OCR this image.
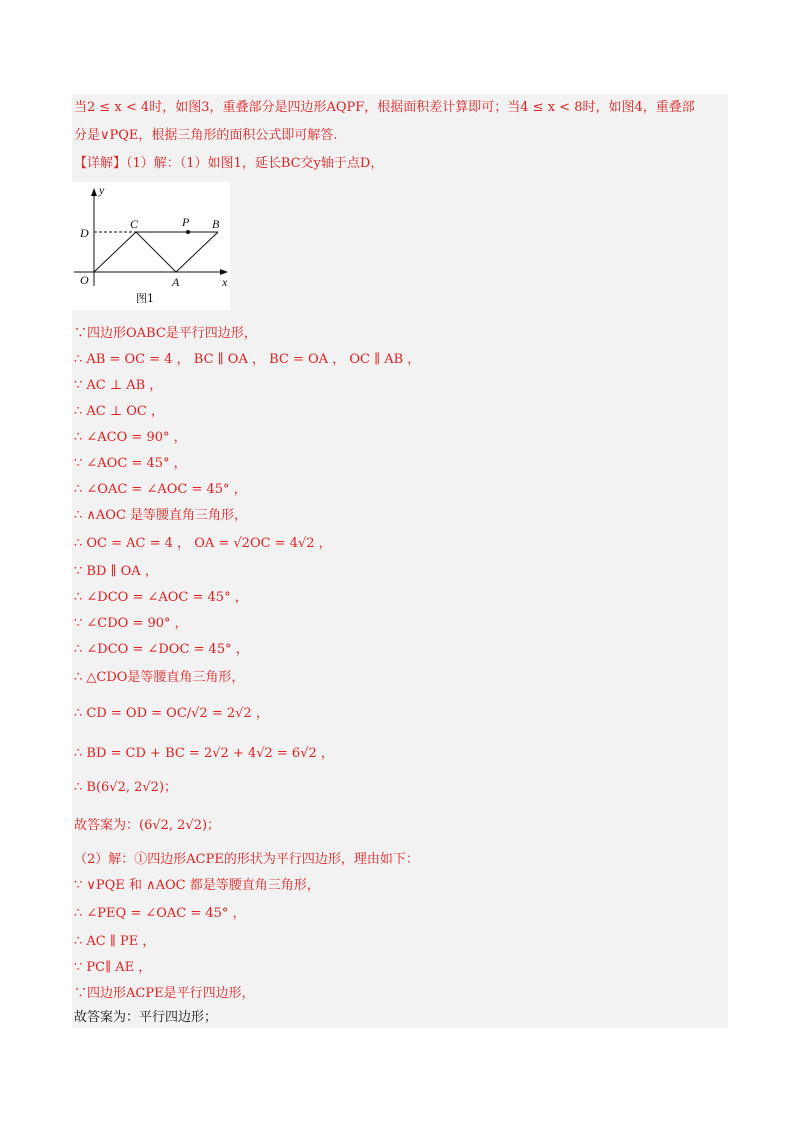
当2 ≤ x < 4时，如图3，重叠部分是四边形AQPF，根据面积差计算即可；当4 ≤ x < 8时，如图4，重叠部
分是∨PQE，根据三角形的面积公式即可解答.
【详解】（1）解：（1）如图1，延长BC交y轴于点D，
y
x
O	A
B
C
D
P
图1
∵四边形OABC是平行四边形，
∴ AB = OC = 4 ， BC ∥ OA ， BC = OA ， OC ∥ AB ，
∵ AC ⊥ AB ，
∴ AC ⊥ OC ，
∴ ∠ACO = 90° ，
∵ ∠AOC = 45° ，
∴ ∠OAC = ∠AOC = 45° ，
∴ ∧AOC 是等腰直角三角形，
∴ OC = AC = 4 ， OA = √2OC = 4√2 ，
∵ BD ∥ OA ，
∴ ∠DCO = ∠AOC = 45° ，
∵ ∠CDO = 90° ，
∴ ∠DCO = ∠DOC = 45° ，
∴ △CDO是等腰直角三角形，
∴ CD = OD = OC/√2 = 2√2 ，
∴ BD = CD + BC = 2√2 + 4√2 = 6√2 ，
∴ B(6√2, 2√2)；
故答案为：(6√2, 2√2)；
（2）解：①四边形ACPE的形状为平行四边形，理由如下：
∵ ∨PQE 和 ∧AOC 都是等腰直角三角形，
∴ ∠PEQ = ∠OAC = 45° ，
∴ AC ∥ PE ，
∵ PC∥ AE ，
∵四边形ACPE是平行四边形，
故答案为：平行四边形；
